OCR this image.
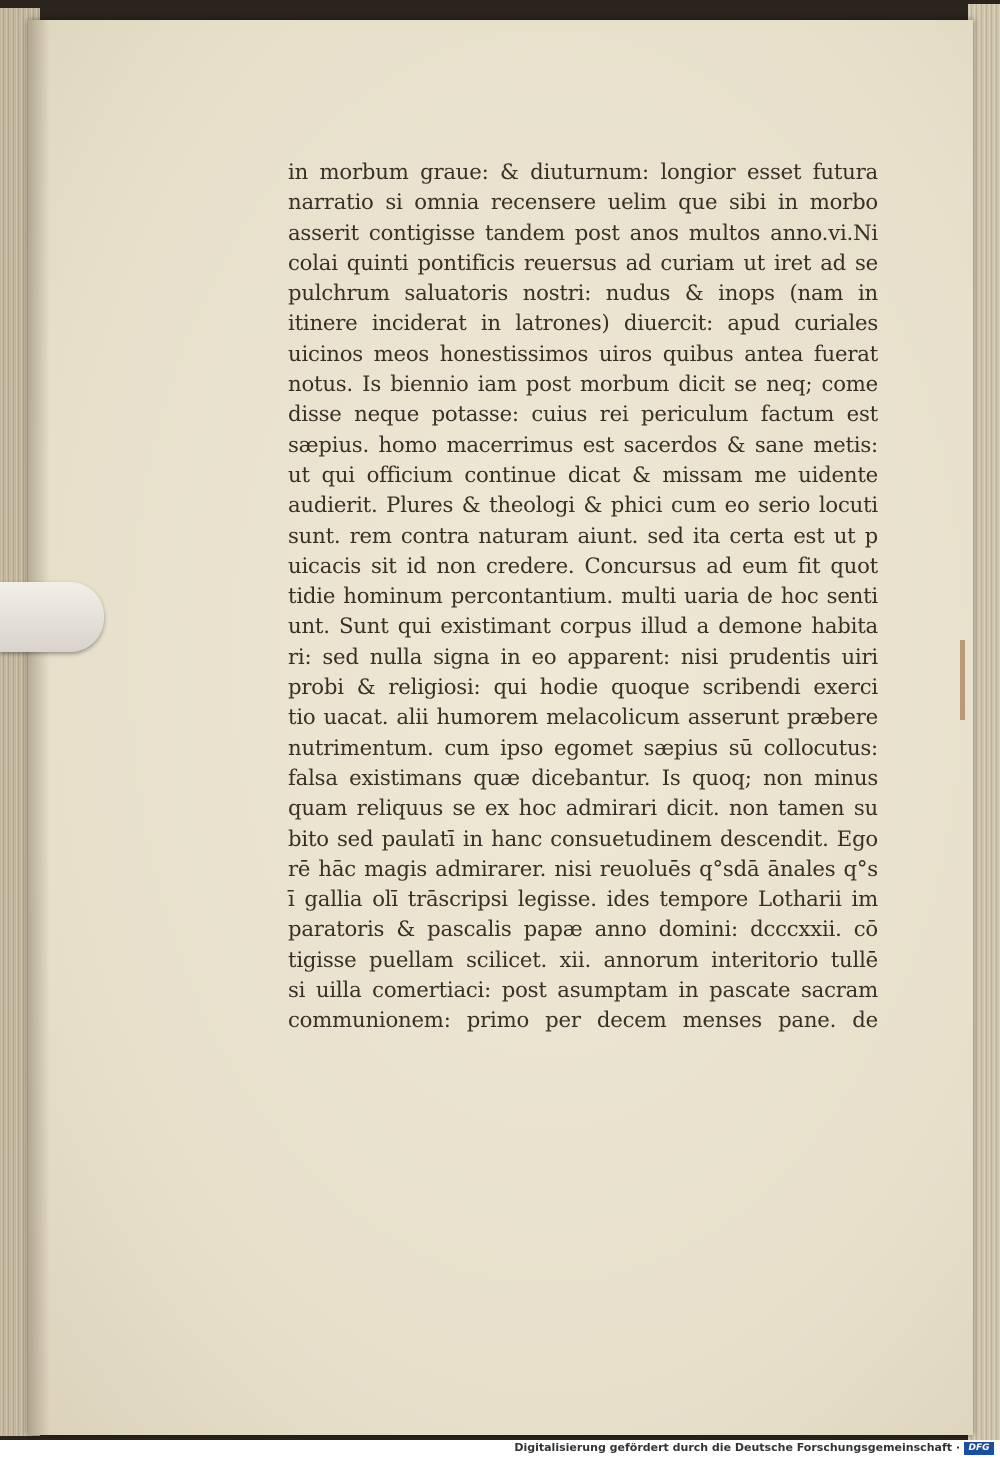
in morbum graue: & diuturnum: longior esset futura
narratio si omnia recensere uelim que sibi in morbo
asserit contigisse tandem post anos multos anno.vi.Ni
colai quinti pontificis reuersus ad curiam ut iret ad se
pulchrum saluatoris nostri: nudus & inops (nam in
itinere inciderat in latrones) diuercit: apud curiales
uicinos meos honestissimos uiros quibus antea fuerat
notus. Is biennio iam post morbum dicit se neq; come
disse neque potasse: cuius rei periculum factum est
sæpius. homo macerrimus est sacerdos & sane metis:
ut qui officium continue dicat & missam me uidente
audierit. Plures & theologi & phici cum eo serio locuti
sunt. rem contra naturam aiunt. sed ita certa est ut p
uicacis sit id non credere. Concursus ad eum fit quot
tidie hominum percontantium. multi uaria de hoc senti
unt. Sunt qui existimant corpus illud a demone habita
ri: sed nulla signa in eo apparent: nisi prudentis uiri
probi & religiosi: qui hodie quoque scribendi exerci
tio uacat. alii humorem melacolicum asserunt præbere
nutrimentum. cum ipso egomet sæpius sū collocutus:
falsa existimans quæ dicebantur. Is quoq; non minus
quam reliquus se ex hoc admirari dicit. non tamen su
bito sed paulatī in hanc consuetudinem descendit. Ego
rē hāc magis admirarer. nisi reuoluēs q°sdā ānales q°s
ī gallia olī trāscripsi legisse. ides tempore Lotharii im
paratoris & pascalis papæ anno domini: dcccxxii. cō
tigisse puellam scilicet. xii. annorum interitorio tullē
si uilla comertiaci: post asumptam in pascate sacram
communionem: primo per decem menses pane. de
Digitalisierung gefördert durch die Deutsche Forschungsgemeinschaft · DFG
